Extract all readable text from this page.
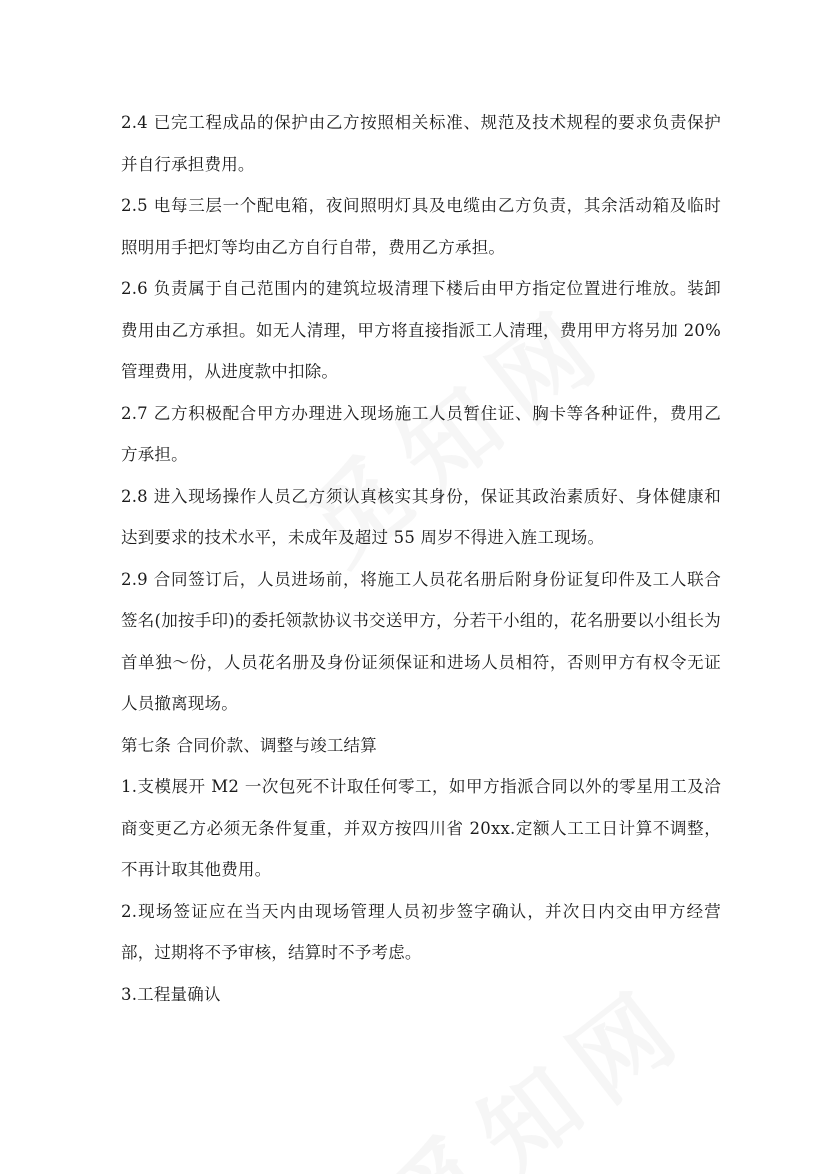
2.4 已完工程成品的保护由乙方按照相关标准、规范及技术规程的要求负责保护并自行承担费用。

2.5 电每三层一个配电箱，夜间照明灯具及电缆由乙方负责，其余活动箱及临时照明用手把灯等均由乙方自行自带，费用乙方承担。

2.6 负责属于自己范围内的建筑垃圾清理下楼后由甲方指定位置进行堆放。装卸费用由乙方承担。如无人清理，甲方将直接指派工人清理，费用甲方将另加 20% 管理费用，从进度款中扣除。

2.7 乙方积极配合甲方办理进入现场施工人员暂住证、胸卡等各种证件，费用乙方承担。

2.8 进入现场操作人员乙方须认真核实其身份，保证其政治素质好、身体健康和达到要求的技术水平，未成年及超过 55 周岁不得进入旌工现场。

2.9 合同签订后，人员进场前，将施工人员花名册后附身份证复印件及工人联合签名(加按手印)的委托领款协议书交送甲方，分若干小组的，花名册要以小组长为首单独～份，人员花名册及身份证须保证和进场人员相符，否则甲方有权令无证人员撤离现场。

第七条 合同价款、调整与竣工结算

1.支模展开 M2 一次包死不计取任何零工，如甲方指派合同以外的零星用工及洽商变更乙方必须无条件复重，并双方按四川省 20xx.定额人工工日计算不调整，不再计取其他费用。

2.现场签证应在当天内由现场管理人员初步签字确认，并次日内交由甲方经营部，过期将不予审核，结算时不予考虑。

3.工程量确认
